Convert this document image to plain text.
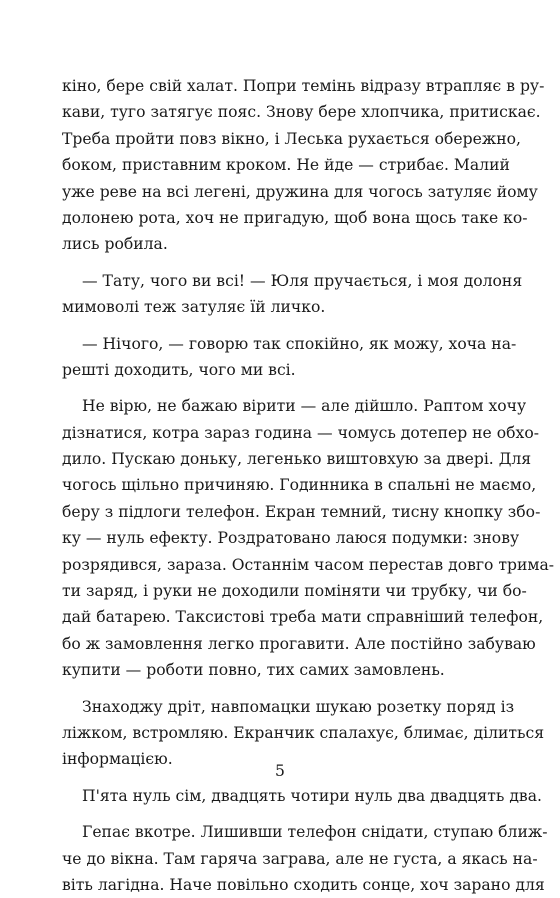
кіно, бере свій халат. Попри темінь відразу втрапляє в ру-
кави, туго затягує пояс. Знову бере хлопчика, притискає.
Треба пройти повз вікно, і Леська рухається обережно,
боком, приставним кроком. Не йде — стрибає. Малий
уже реве на всі легені, дружина для чогось затуляє йому
долонею рота, хоч не пригадую, щоб вона щось таке ко-
лись робила.
— Тату, чого ви всі! — Юля пручається, і моя долоня
мимоволі теж затуляє їй личко.
— Нічого, — говорю так спокійно, як можу, хоча на-
решті доходить, чого ми всі.
Не вірю, не бажаю вірити — але дійшло. Раптом хочу
дізнатися, котра зараз година — чомусь дотепер не обхо-
дило. Пускаю доньку, легенько виштовхую за двері. Для
чогось щільно причиняю. Годинника в спальні не маємо,
беру з підлоги телефон. Екран темний, тисну кнопку збо-
ку — нуль ефекту. Роздратовано лаюся подумки: знову
розрядився, зараза. Останнім часом перестав довго трима-
ти заряд, і руки не доходили поміняти чи трубку, чи бо-
дай батарею. Таксистові треба мати справніший телефон,
бо ж замовлення легко прогавити. Але постійно забуваю
купити — роботи повно, тих самих замовлень.
Знаходжу дріт, навпомацки шукаю розетку поряд із
ліжком, встромляю. Екранчик спалахує, блимає, ділиться
інформацією.
П'ята нуль сім, двадцять чотири нуль два двадцять два.
Гепає вкотре. Лишивши телефон снідати, ступаю ближ-
че до вікна. Там гаряча заграва, але не густа, а якась на-
віть лагідна. Наче повільно сходить сонце, хоч зарано для
5
